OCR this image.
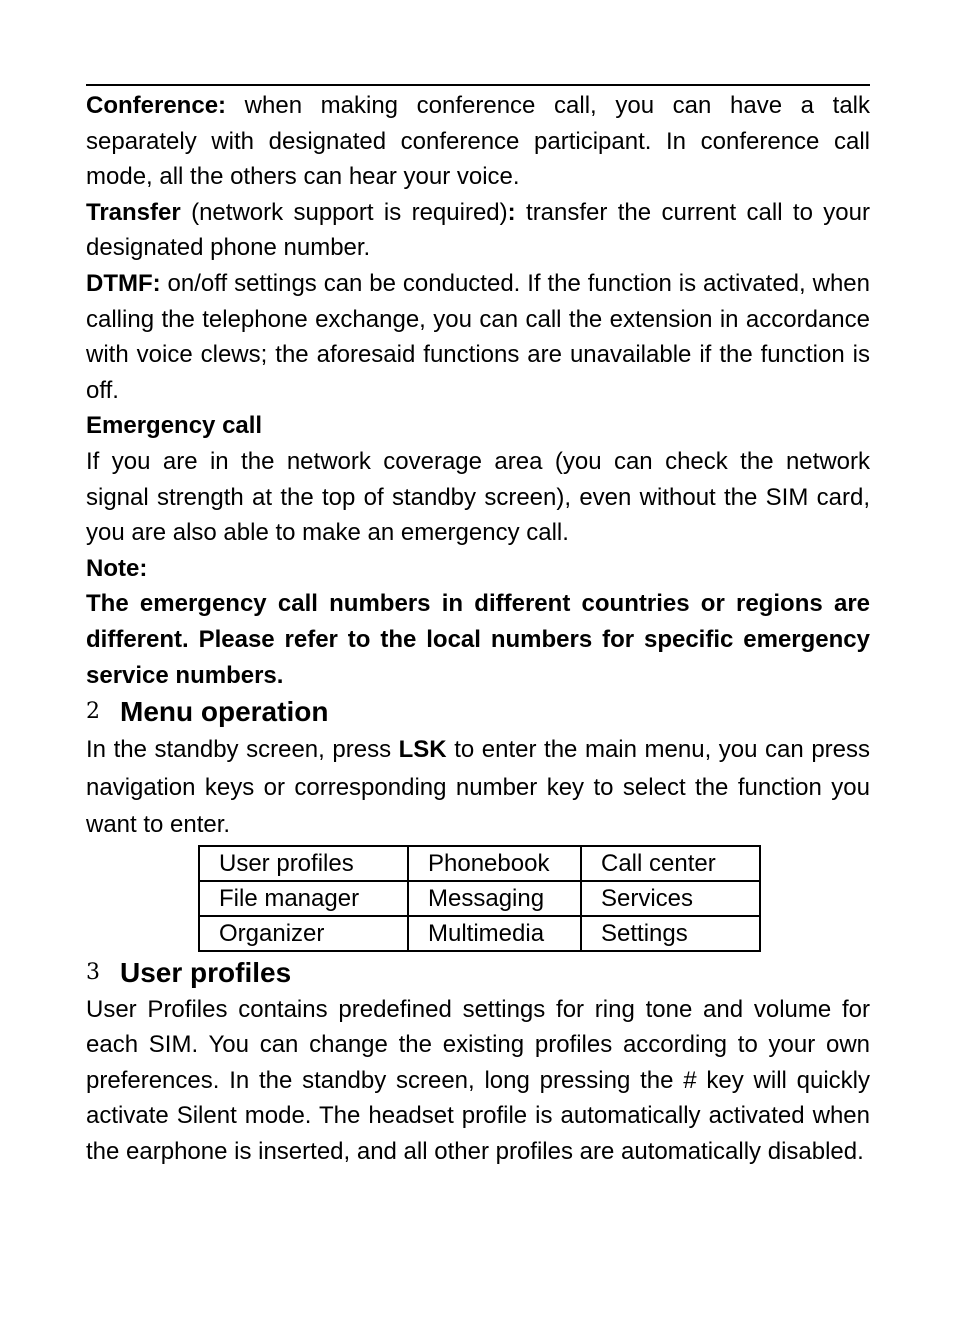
Conference: when making conference call, you can have a talk separately with designated conference participant. In conference call mode, all the others can hear your voice.

Transfer (network support is required): transfer the current call to your designated phone number.

DTMF: on/off settings can be conducted. If the function is activated, when calling the telephone exchange, you can call the extension in accordance with voice clews; the aforesaid functions are unavailable if the function is off.

Emergency call

If you are in the network coverage area (you can check the network signal strength at the top of standby screen), even without the SIM card, you are also able to make an emergency call.

Note:

The emergency call numbers in different countries or regions are different. Please refer to the local numbers for specific emergency service numbers.

2 Menu operation

In the standby screen, press LSK to enter the main menu, you can press navigation keys or corresponding number key to select the function you want to enter.

User profiles	Phonebook	Call center
File manager	Messaging	Services
Organizer	Multimedia	Settings
3 User profiles

User Profiles contains predefined settings for ring tone and volume for each SIM. You can change the existing profiles according to your own preferences. In the standby screen, long pressing the # key will quickly activate Silent mode. The headset profile is automatically activated when the earphone is inserted, and all other profiles are automatically disabled.
